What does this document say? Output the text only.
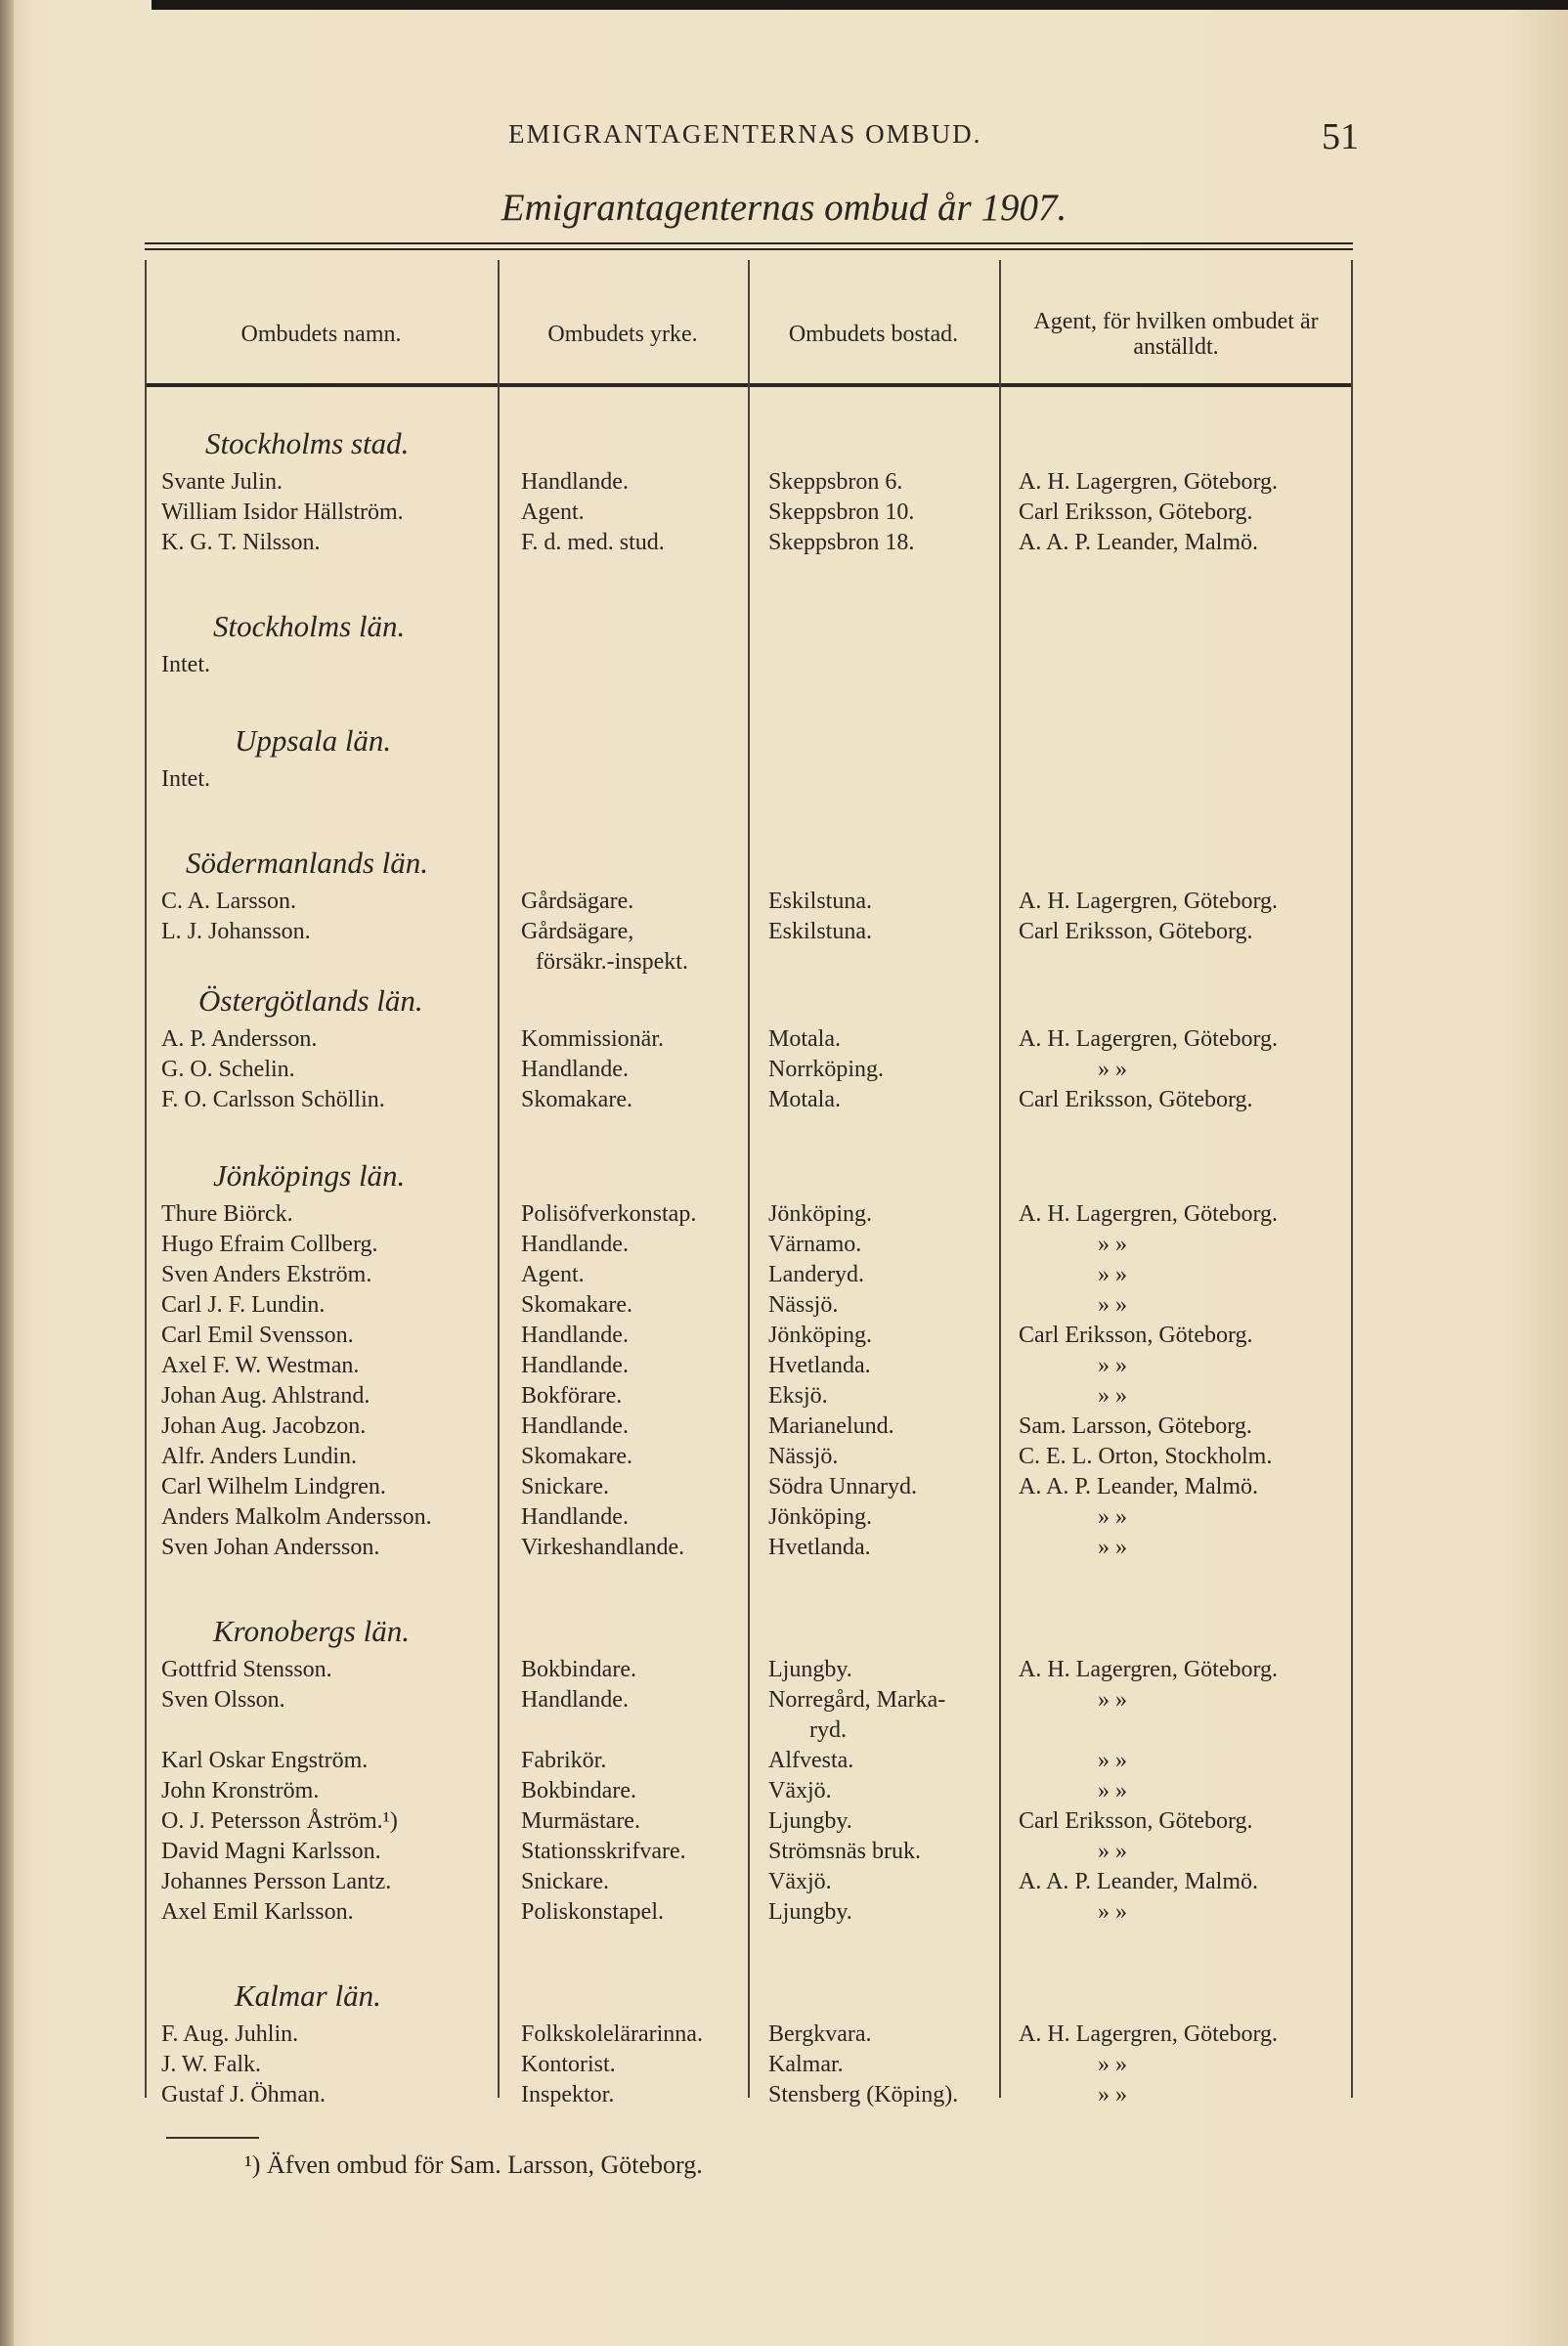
EMIGRANTAGENTERNAS OMBUD.	51
Emigrantagenternas ombud år 1907.
Ombudets namn.	Ombudets yrke.	Ombudets bostad.	Agent, för hvilken ombudet är anställdt.
Stockholms stad.
Svante Julin.	Handlande.	Skeppsbron 6.	A. H. Lagergren, Göteborg.
William Isidor Hällström.	Agent.	Skeppsbron 10.	Carl Eriksson, Göteborg.
K. G. T. Nilsson.	F. d. med. stud.	Skeppsbron 18.	A. A. P. Leander, Malmö.
Stockholms län.
Intet.
Uppsala län.
Intet.
Södermanlands län.
C. A. Larsson.	Gårdsägare.	Eskilstuna.	A. H. Lagergren, Göteborg.
L. J. Johansson.	Gårdsägare,	Eskilstuna.	Carl Eriksson, Göteborg.
försäkr.-inspekt.
Östergötlands län.
A. P. Andersson.	Kommissionär.	Motala.	A. H. Lagergren, Göteborg.
G. O. Schelin.	Handlande.	Norrköping.	» »
F. O. Carlsson Schöllin.	Skomakare.	Motala.	Carl Eriksson, Göteborg.
Jönköpings län.
Thure Biörck.	Polisöfverkonstap.	Jönköping.	A. H. Lagergren, Göteborg.
Hugo Efraim Collberg.	Handlande.	Värnamo.	» »
Sven Anders Ekström.	Agent.	Landeryd.	» »
Carl J. F. Lundin.	Skomakare.	Nässjö.	» »
Carl Emil Svensson.	Handlande.	Jönköping.	Carl Eriksson, Göteborg.
Axel F. W. Westman.	Handlande.	Hvetlanda.	» »
Johan Aug. Ahlstrand.	Bokförare.	Eksjö.	» »
Johan Aug. Jacobzon.	Handlande.	Marianelund.	Sam. Larsson, Göteborg.
Alfr. Anders Lundin.	Skomakare.	Nässjö.	C. E. L. Orton, Stockholm.
Carl Wilhelm Lindgren.	Snickare.	Södra Unnaryd.	A. A. P. Leander, Malmö.
Anders Malkolm Andersson.	Handlande.	Jönköping.	» »
Sven Johan Andersson.	Virkeshandlande.	Hvetlanda.	» »
Kronobergs län.
Gottfrid Stensson.	Bokbindare.	Ljungby.	A. H. Lagergren, Göteborg.
Sven Olsson.	Handlande.	Norregård, Marka-	» »
ryd.
Karl Oskar Engström.	Fabrikör.	Alfvesta.	» »
John Kronström.	Bokbindare.	Växjö.	» »
O. J. Petersson Åström.¹)	Murmästare.	Ljungby.	Carl Eriksson, Göteborg.
David Magni Karlsson.	Stationsskrifvare.	Strömsnäs bruk.	» »
Johannes Persson Lantz.	Snickare.	Växjö.	A. A. P. Leander, Malmö.
Axel Emil Karlsson.	Poliskonstapel.	Ljungby.	» »
Kalmar län.
F. Aug. Juhlin.	Folkskolelärarinna.	Bergkvara.	A. H. Lagergren, Göteborg.
J. W. Falk.	Kontorist.	Kalmar.	» »
Gustaf J. Öhman.	Inspektor.	Stensberg (Köping).	» »
¹) Äfven ombud för Sam. Larsson, Göteborg.
